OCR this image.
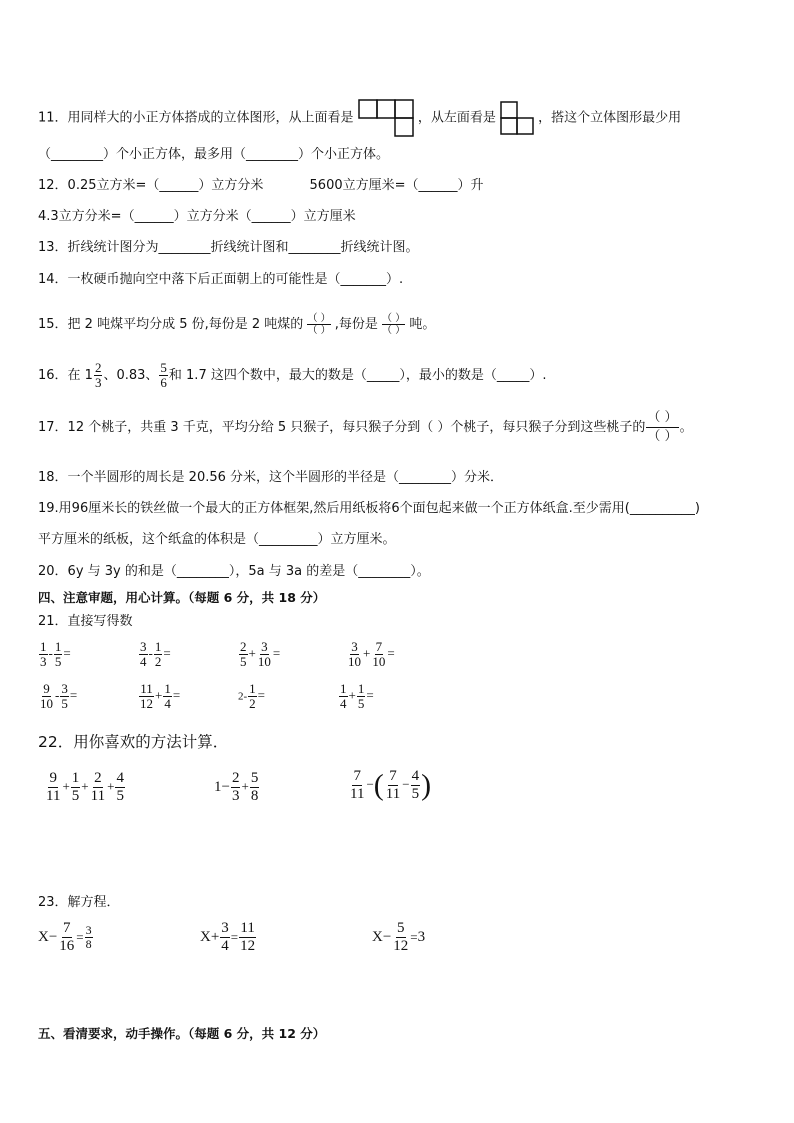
11．用同样大的小正方体搭成的立体图形，从上面看是	，从左面看是	，搭这个立体图形最少用
（________）个小正方体，最多用（________）个小正方体。
12．0.25立方米=（______）立方分米	5600立方厘米=（______）升
4.3立方分米=（______）立方分米（______）立方厘米
13．折线统计图分为________折线统计图和________折线统计图。
14．一枚硬币抛向空中落下后正面朝上的可能性是（_______）.
15．把 2 吨煤平均分成 5 份,每份是 2 吨煤的 $\frac{( )}{( )}$ ,每份是 $\frac{( )}{( )}$ 吨。
16．在 $1 \frac{2}{3}$ 、0.83、 $\frac{5}{6}$ 和 1.7 这四个数中，最大的数是（_____），最小的数是（_____）.
17．12 个桃子，共重 3 千克，平均分给 5 只猴子，每只猴子分到（ ）个桃子，每只猴子分到这些桃子的 $\frac{( )}{( )}$ 。
18．一个半圆形的周长是 20.56 分米，这个半圆形的半径是（________）分米．
19.用96厘米长的铁丝做一个最大的正方体框架,然后用纸板将6个面包起来做一个正方体纸盒.至少需用(__________)
平方厘米的纸板，这个纸盒的体积是（_________）立方厘米。
20．6y 与 3y 的和是（________），5a 与 3a 的差是（________）。
四、注意审题，用心计算。（每题 6 分，共 18 分）
21．直接写得数
$\frac{1}{3} - \frac{1}{5}$ =	$\frac{3}{4} - \frac{1}{2}$ =	$\frac{2}{5} + \frac{3}{10}$ =	$\frac{3}{10} + \frac{7}{10}$ =
$\frac{9}{10} - \frac{3}{5}$ =	$\frac{11}{12} + \frac{1}{4}$ =	$2- \frac{1}{2}$ =	$\frac{1}{4} + \frac{1}{5}$ =
22．用你喜欢的方法计算．
$\frac{9}{11} + \frac{1}{5} + \frac{2}{11} + \frac{4}{5}$	$1- \frac{2}{3} + \frac{5}{8}$	$\frac{7}{11}$ −( $\frac{7}{11} - \frac{4}{5}$ )
23．解方程．
$X- \frac{7}{16} = \frac{3}{8}$	$X+ \frac{3}{4} = \frac{11}{12}$	$X- \frac{5}{12} =3$
五、看清要求，动手操作。（每题 6 分，共 12 分）
